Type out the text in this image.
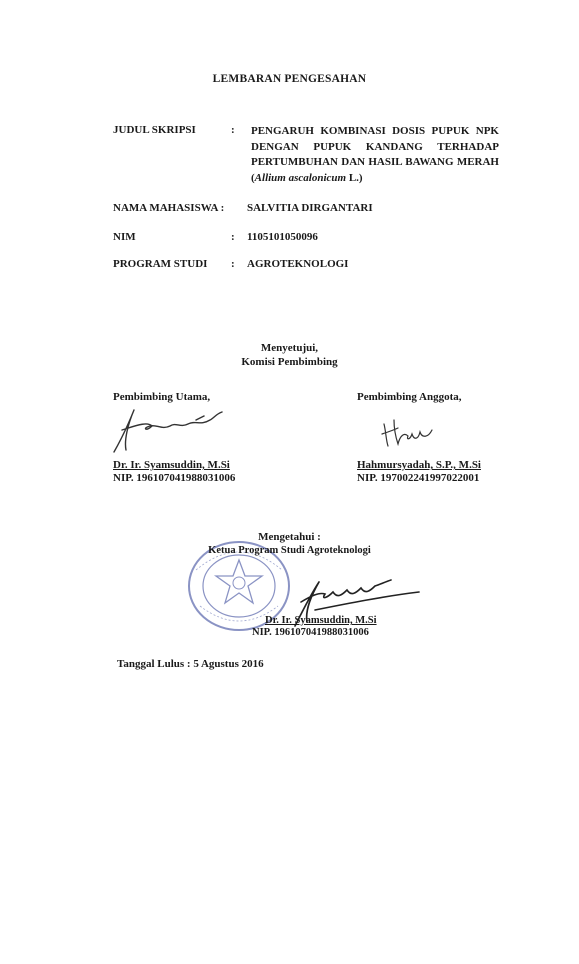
LEMBARAN PENGESAHAN
JUDUL SKRIPSI	: PENGARUH KOMBINASI DOSIS PUPUK NPK DENGAN PUPUK KANDANG TERHADAP PERTUMBUHAN DAN HASIL BAWANG MERAH (Allium ascalonicum L.)
NAMA MAHASISWA : SALVITIA DIRGANTARI
NIM	: 1105101050096
PROGRAM STUDI : AGROTEKNOLOGI
Menyetujui,
Komisi Pembimbing
Pembimbing Utama,
Dr. Ir. Syamsuddin, M.Si
NIP. 196107041988031006
Pembimbing Anggota,
Hahmursyadah, S.P., M.Si
NIP. 197002241997022001
Mengetahui :
Ketua Program Studi Agroteknologi
Dr. Ir. Syamsuddin, M.Si
NIP. 196107041988031006
Tanggal Lulus : 5 Agustus 2016
